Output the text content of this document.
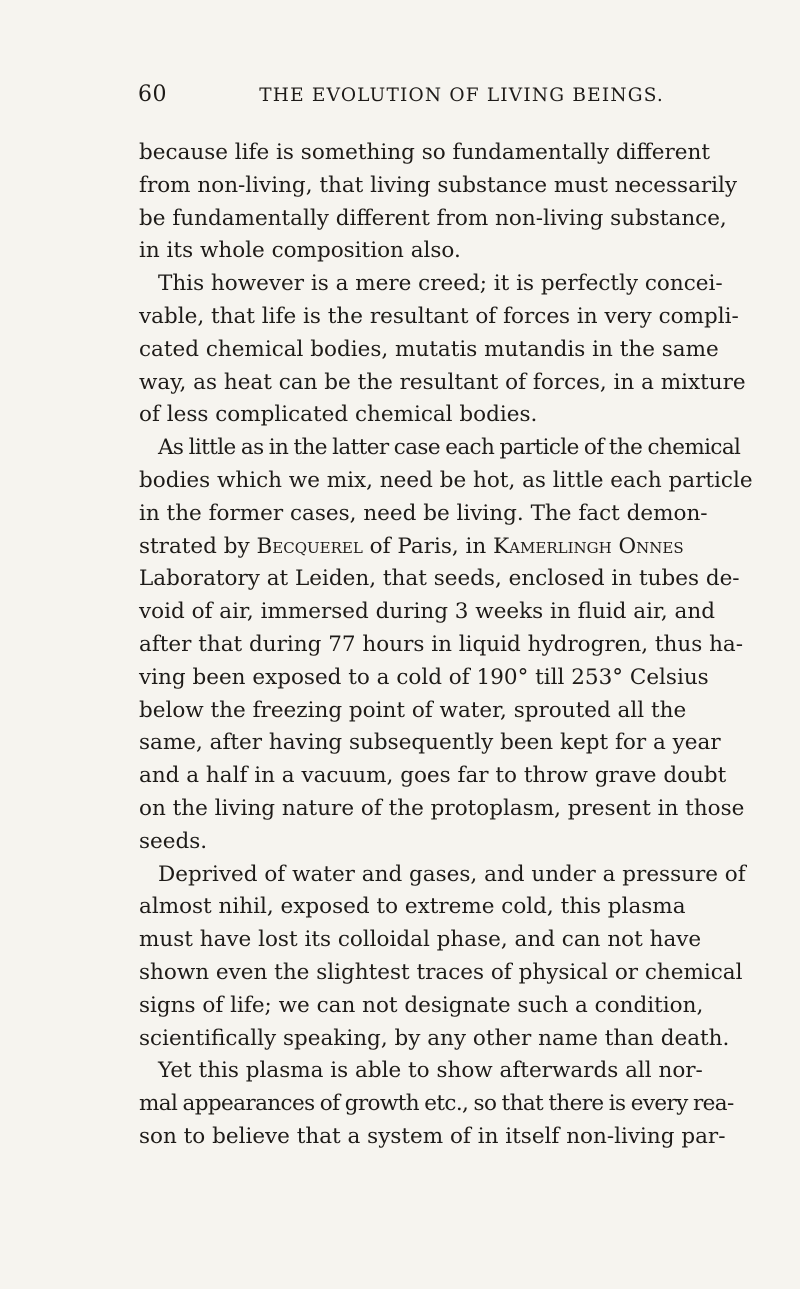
60	THE EVOLUTION OF LIVING BEINGS.
because life is something so fundamentally different
from non-living, that living substance must necessarily
be fundamentally different from non-living substance,
in its whole composition also.
This however is a mere creed; it is perfectly concei-
vable, that life is the resultant of forces in very compli-
cated chemical bodies, mutatis mutandis in the same
way, as heat can be the resultant of forces, in a mixture
of less complicated chemical bodies.
As little as in the latter case each particle of the chemical
bodies which we mix, need be hot, as little each particle
in the former cases, need be living. The fact demon-
strated by Becquerel of Paris, in Kamerlingh Onnes
Laboratory at Leiden, that seeds, enclosed in tubes de-
void of air, immersed during 3 weeks in fluid air, and
after that during 77 hours in liquid hydrogren, thus ha-
ving been exposed to a cold of 190° till 253° Celsius
below the freezing point of water, sprouted all the
same, after having subsequently been kept for a year
and a half in a vacuum, goes far to throw grave doubt
on the living nature of the protoplasm, present in those
seeds.
Deprived of water and gases, and under a pressure of
almost nihil, exposed to extreme cold, this plasma
must have lost its colloidal phase, and can not have
shown even the slightest traces of physical or chemical
signs of life; we can not designate such a condition,
scientifically speaking, by any other name than death.
Yet this plasma is able to show afterwards all nor-
mal appearances of growth etc., so that there is every rea-
son to believe that a system of in itself non-living par-
